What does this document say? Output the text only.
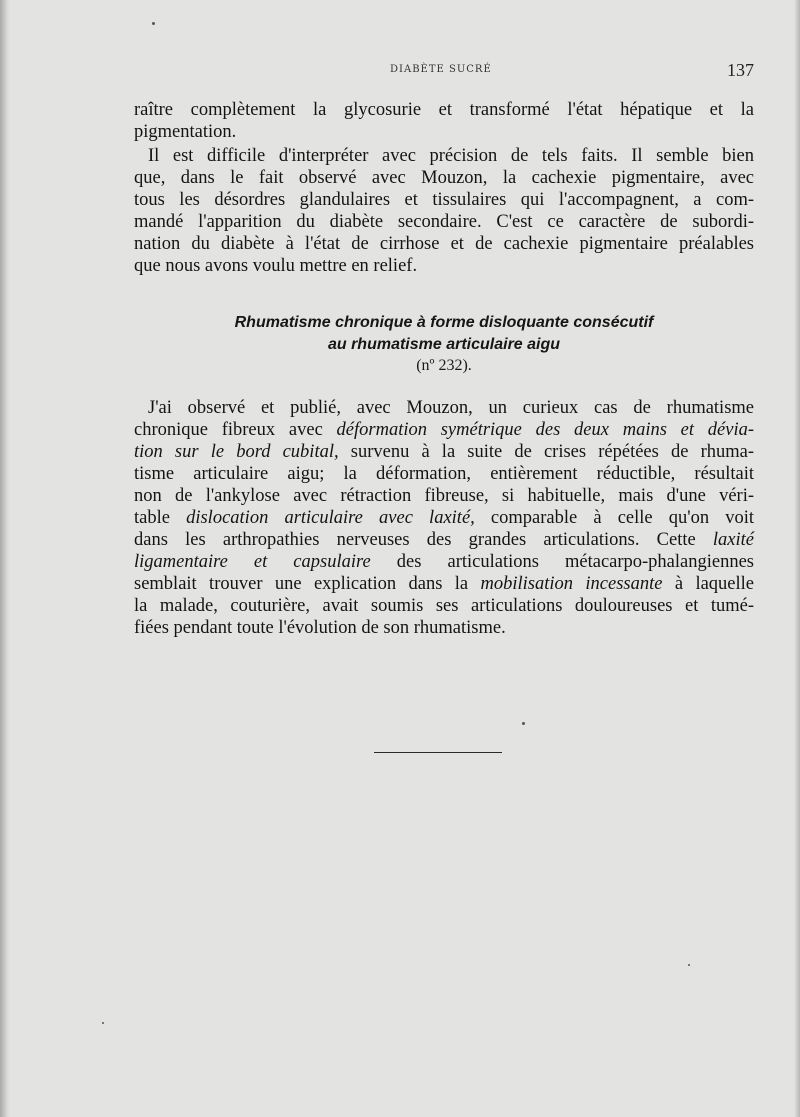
DIABÈTE SUCRÉ	137

raître complètement la glycosurie et transformé l'état hépatique et la
pigmentation.

Il est difficile d'interpréter avec précision de tels faits. Il semble bien
que, dans le fait observé avec Mouzon, la cachexie pigmentaire, avec
tous les désordres glandulaires et tissulaires qui l'accompagnent, a com-
mandé l'apparition du diabète secondaire. C'est ce caractère de subordi-
nation du diabète à l'état de cirrhose et de cachexie pigmentaire préalables
que nous avons voulu mettre en relief.

Rhumatisme chronique à forme disloquante consécutif
au rhumatisme articulaire aigu
(nº 232).

J'ai observé et publié, avec Mouzon, un curieux cas de rhumatisme
chronique fibreux avec déformation symétrique des deux mains et dévia-
tion sur le bord cubital, survenu à la suite de crises répétées de rhuma-
tisme articulaire aigu; la déformation, entièrement réductible, résultait
non de l'ankylose avec rétraction fibreuse, si habituelle, mais d'une véri-
table dislocation articulaire avec laxité, comparable à celle qu'on voit
dans les arthropathies nerveuses des grandes articulations. Cette laxité
ligamentaire et capsulaire des articulations métacarpo-phalangiennes
semblait trouver une explication dans la mobilisation incessante à laquelle
la malade, couturière, avait soumis ses articulations douloureuses et tumé-
fiées pendant toute l'évolution de son rhumatisme.
